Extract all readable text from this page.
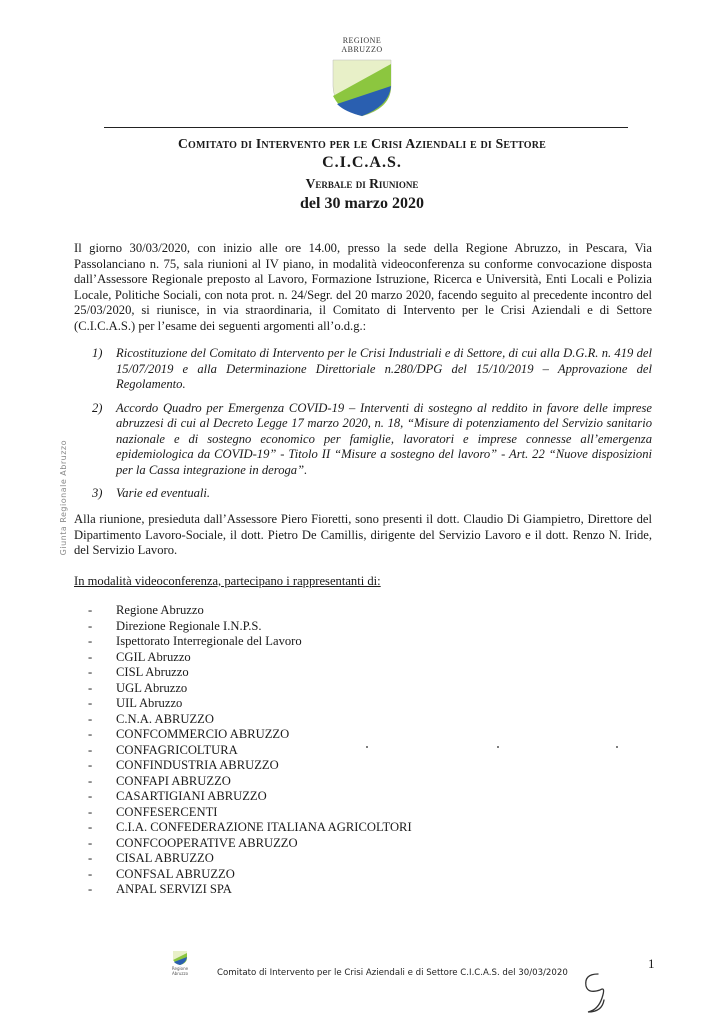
REGIONE
ABRUZZO
Comitato di Intervento per le Crisi Aziendali e di Settore
C.I.C.A.S.
Verbale di Riunione
del 30 marzo 2020
Il giorno 30/03/2020, con inizio alle ore 14.00, presso la sede della Regione Abruzzo, in Pescara, Via Passolanciano n. 75, sala riunioni al IV piano, in modalità videoconferenza su conforme convocazione disposta dall’Assessore Regionale preposto al Lavoro, Formazione Istruzione, Ricerca e Università, Enti Locali e Polizia Locale, Politiche Sociali, con nota prot. n. 24/Segr. del 20 marzo 2020, facendo seguito al precedente incontro del 25/03/2020, si riunisce, in via straordinaria, il Comitato di Intervento per le Crisi Aziendali e di Settore (C.I.C.A.S.) per l’esame dei seguenti argomenti all’o.d.g.:
1) Ricostituzione del Comitato di Intervento per le Crisi Industriali e di Settore, di cui alla D.G.R. n. 419 del 15/07/2019 e alla Determinazione Direttoriale n.280/DPG del 15/10/2019 – Approvazione del Regolamento.
2) Accordo Quadro per Emergenza COVID-19 – Interventi di sostegno al reddito in favore delle imprese abruzzesi di cui al Decreto Legge 17 marzo 2020, n. 18, “Misure di potenziamento del Servizio sanitario nazionale e di sostegno economico per famiglie, lavoratori e imprese connesse all’emergenza epidemiologica da COVID-19” - Titolo II “Misure a sostegno del lavoro” - Art. 22 “Nuove disposizioni per la Cassa integrazione in deroga”.
3) Varie ed eventuali.
Alla riunione, presieduta dall’Assessore Piero Fioretti, sono presenti il dott. Claudio Di Giampietro, Direttore del Dipartimento Lavoro-Sociale, il dott. Pietro De Camillis, dirigente del Servizio Lavoro e il dott. Renzo N. Iride, del Servizio Lavoro.
In modalità videoconferenza, partecipano i rappresentanti di:
- Regione Abruzzo
- Direzione Regionale I.N.P.S.
- Ispettorato Interregionale del Lavoro
- CGIL Abruzzo
- CISL Abruzzo
- UGL Abruzzo
- UIL Abruzzo
- C.N.A. ABRUZZO
- CONFCOMMERCIO ABRUZZO
- CONFAGRICOLTURA
- CONFINDUSTRIA ABRUZZO
- CONFAPI ABRUZZO
- CASARTIGIANI ABRUZZO
- CONFESERCENTI
- C.I.A. CONFEDERAZIONE ITALIANA AGRICOLTORI
- CONFCOOPERATIVE ABRUZZO
- CISAL ABRUZZO
- CONFSAL ABRUZZO
- ANPAL SERVIZI SPA
Giunta Regionale Abruzzo
Regione Abruzzo	Comitato di Intervento per le Crisi Aziendali e di Settore C.I.C.A.S. del 30/03/2020
1
